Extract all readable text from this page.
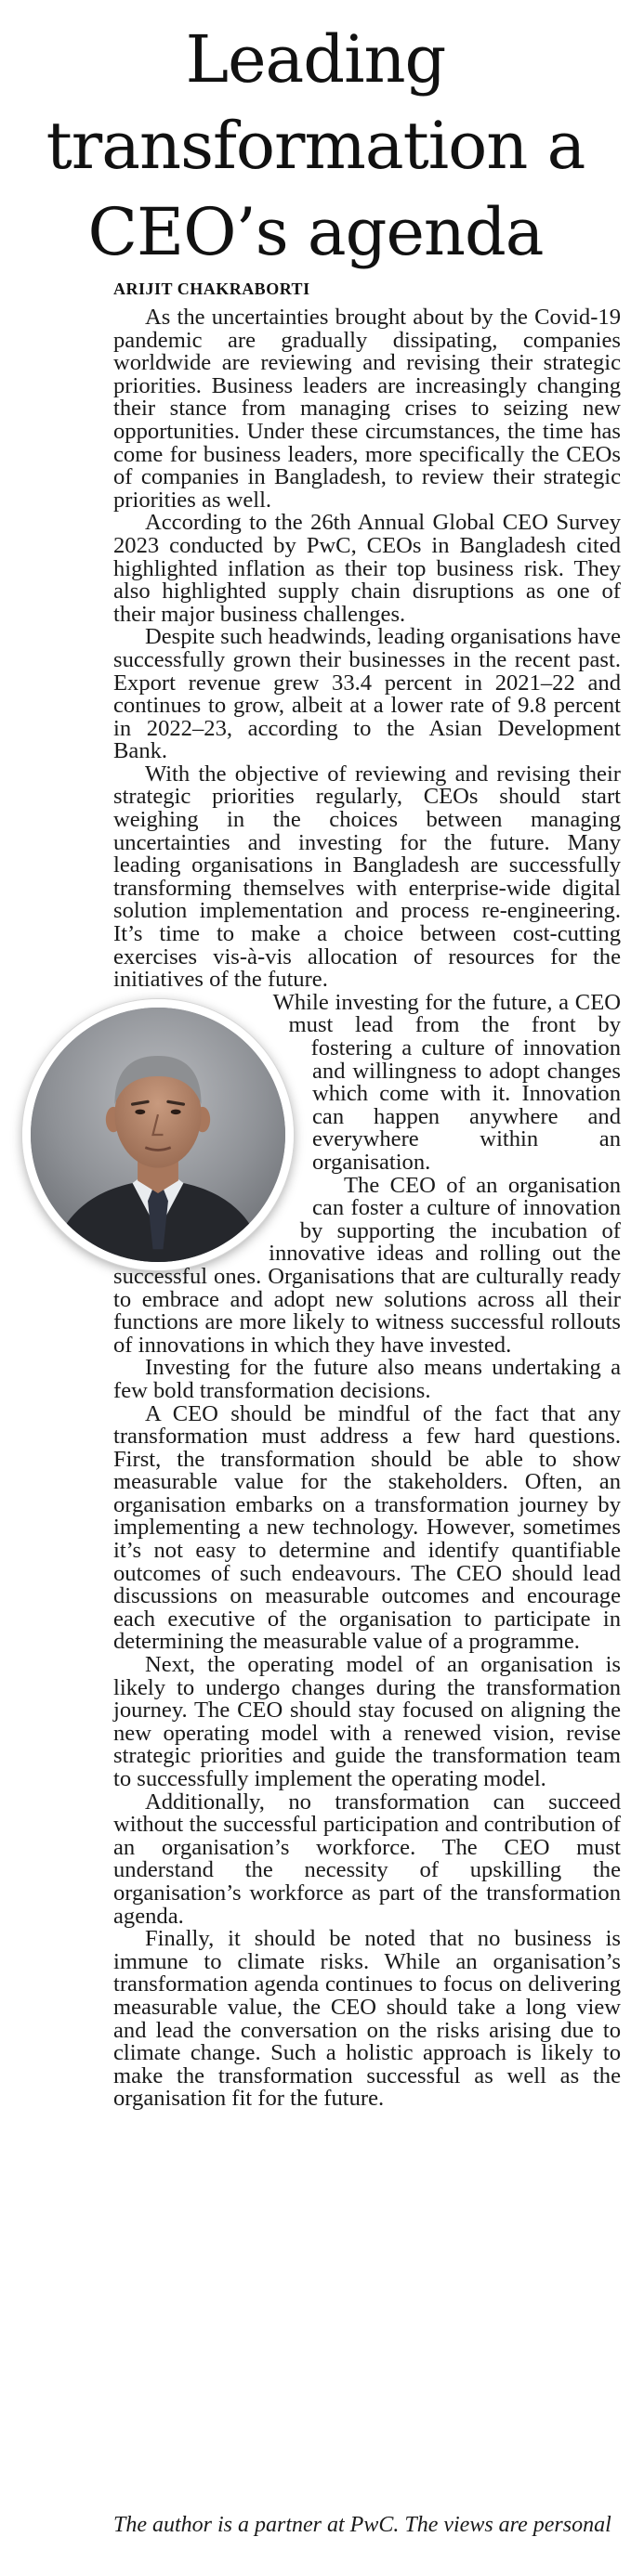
Leading transformation a CEO’s agenda
ARIJIT CHAKRABORTI

As the uncertainties brought about by the Covid-19 pandemic are gradually dissipating, companies worldwide are reviewing and revising their strategic priorities. Business leaders are increasingly changing their stance from managing crises to seizing new opportunities. Under these circumstances, the time has come for business leaders, more specifically the CEOs of companies in Bangladesh, to review their strategic priorities as well.

According to the 26th Annual Global CEO Survey 2023 conducted by PwC, CEOs in Bangladesh cited highlighted inflation as their top business risk. They also highlighted supply chain disruptions as one of their major business challenges.

Despite such headwinds, leading organisations have successfully grown their businesses in the recent past. Export revenue grew 33.4 percent in 2021–22 and continues to grow, albeit at a lower rate of 9.8 percent in 2022–23, according to the Asian Development Bank.

With the objective of reviewing and revising their strategic priorities regularly, CEOs should start weighing in the choices between managing uncertainties and investing for the future. Many leading organisations in Bangladesh are successfully transforming themselves with enterprise-wide digital solution implementation and process re-engineering. It’s time to make a choice between cost-cutting exercises vis-à-vis allocation of resources for the initiatives of the future.

While investing for the future, a CEO must lead from the front by fostering a culture of innovation and willingness to adopt changes which come with it. Innovation can happen anywhere and everywhere within an organisation.

The CEO of an organisation can foster a culture of innovation by supporting the incubation of innovative ideas and rolling out the successful ones. Organisations that are culturally ready to embrace and adopt new solutions across all their functions are more likely to witness successful rollouts of innovations in which they have invested.

Investing for the future also means undertaking a few bold transformation decisions.

A CEO should be mindful of the fact that any transformation must address a few hard questions. First, the transformation should be able to show measurable value for the stakeholders. Often, an organisation embarks on a transformation journey by implementing a new technology. However, sometimes it’s not easy to determine and identify quantifiable outcomes of such endeavours. The CEO should lead discussions on measurable outcomes and encourage each executive of the organisation to participate in determining the measurable value of a programme.

Next, the operating model of an organisation is likely to undergo changes during the transformation journey. The CEO should stay focused on aligning the new operating model with a renewed vision, revise strategic priorities and guide the transformation team to successfully implement the operating model.

Additionally, no transformation can succeed without the successful participation and contribution of an organisation’s workforce. The CEO must understand the necessity of upskilling the organisation’s workforce as part of the transformation agenda.

Finally, it should be noted that no business is immune to climate risks. While an organisation’s transformation agenda continues to focus on delivering measurable value, the CEO should take a long view and lead the conversation on the risks arising due to climate change. Such a holistic approach is likely to make the transformation successful as well as the organisation fit for the future.

The author is a partner at PwC. The views are personal
